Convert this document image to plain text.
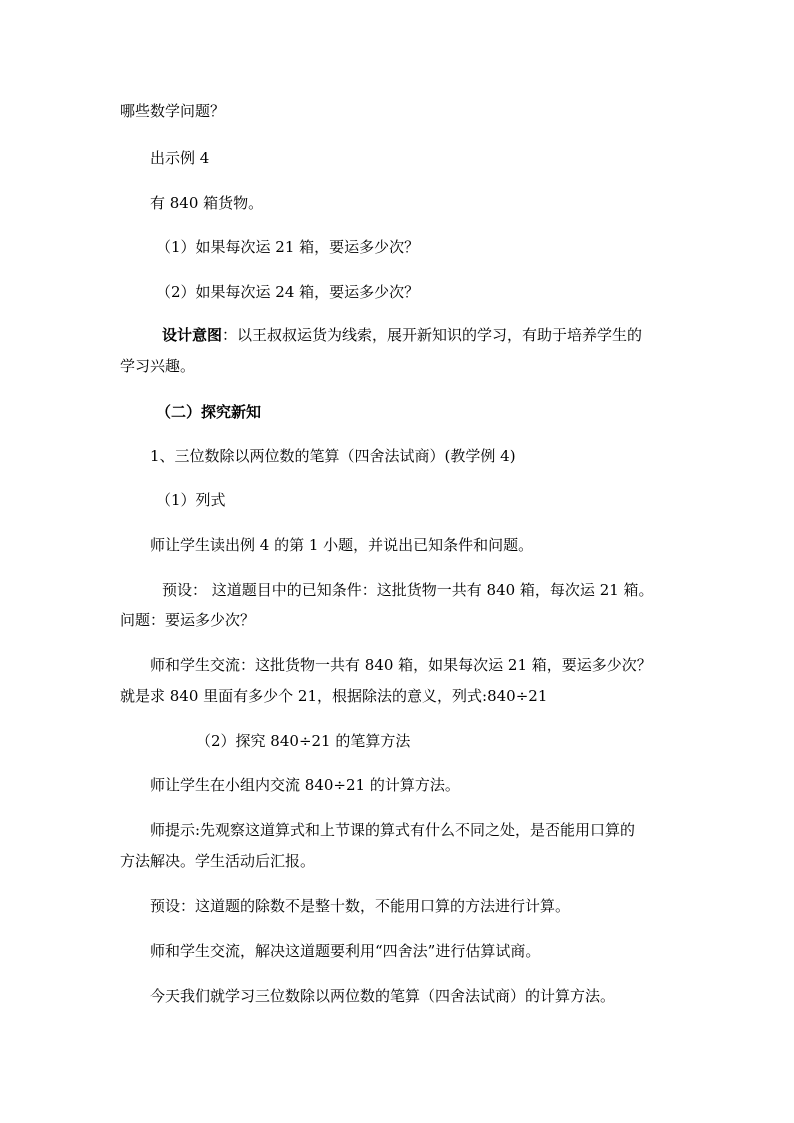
哪些数学问题？
出示例 4
有 840 箱货物。
（1）如果每次运 21 箱，要运多少次？
（2）如果每次运 24 箱，要运多少次？
设计意图：以王叔叔运货为线索，展开新知识的学习，有助于培养学生的
学习兴趣。
（二）探究新知
1、三位数除以两位数的笔算（四舍法试商）(教学例 4)
（1）列式
师让学生读出例 4 的第 1 小题，并说出已知条件和问题。
预设： 这道题目中的已知条件：这批货物一共有 840 箱，每次运 21 箱。
问题：要运多少次？
师和学生交流：这批货物一共有 840 箱，如果每次运 21 箱，要运多少次？
就是求 840 里面有多少个 21，根据除法的意义，列式:840÷21
（2）探究 840÷21 的笔算方法
师让学生在小组内交流 840÷21 的计算方法。
师提示:先观察这道算式和上节课的算式有什么不同之处，是否能用口算的
方法解决。学生活动后汇报。
预设：这道题的除数不是整十数，不能用口算的方法进行计算。
师和学生交流，解决这道题要利用“四舍法”进行估算试商。
今天我们就学习三位数除以两位数的笔算（四舍法试商）的计算方法。
